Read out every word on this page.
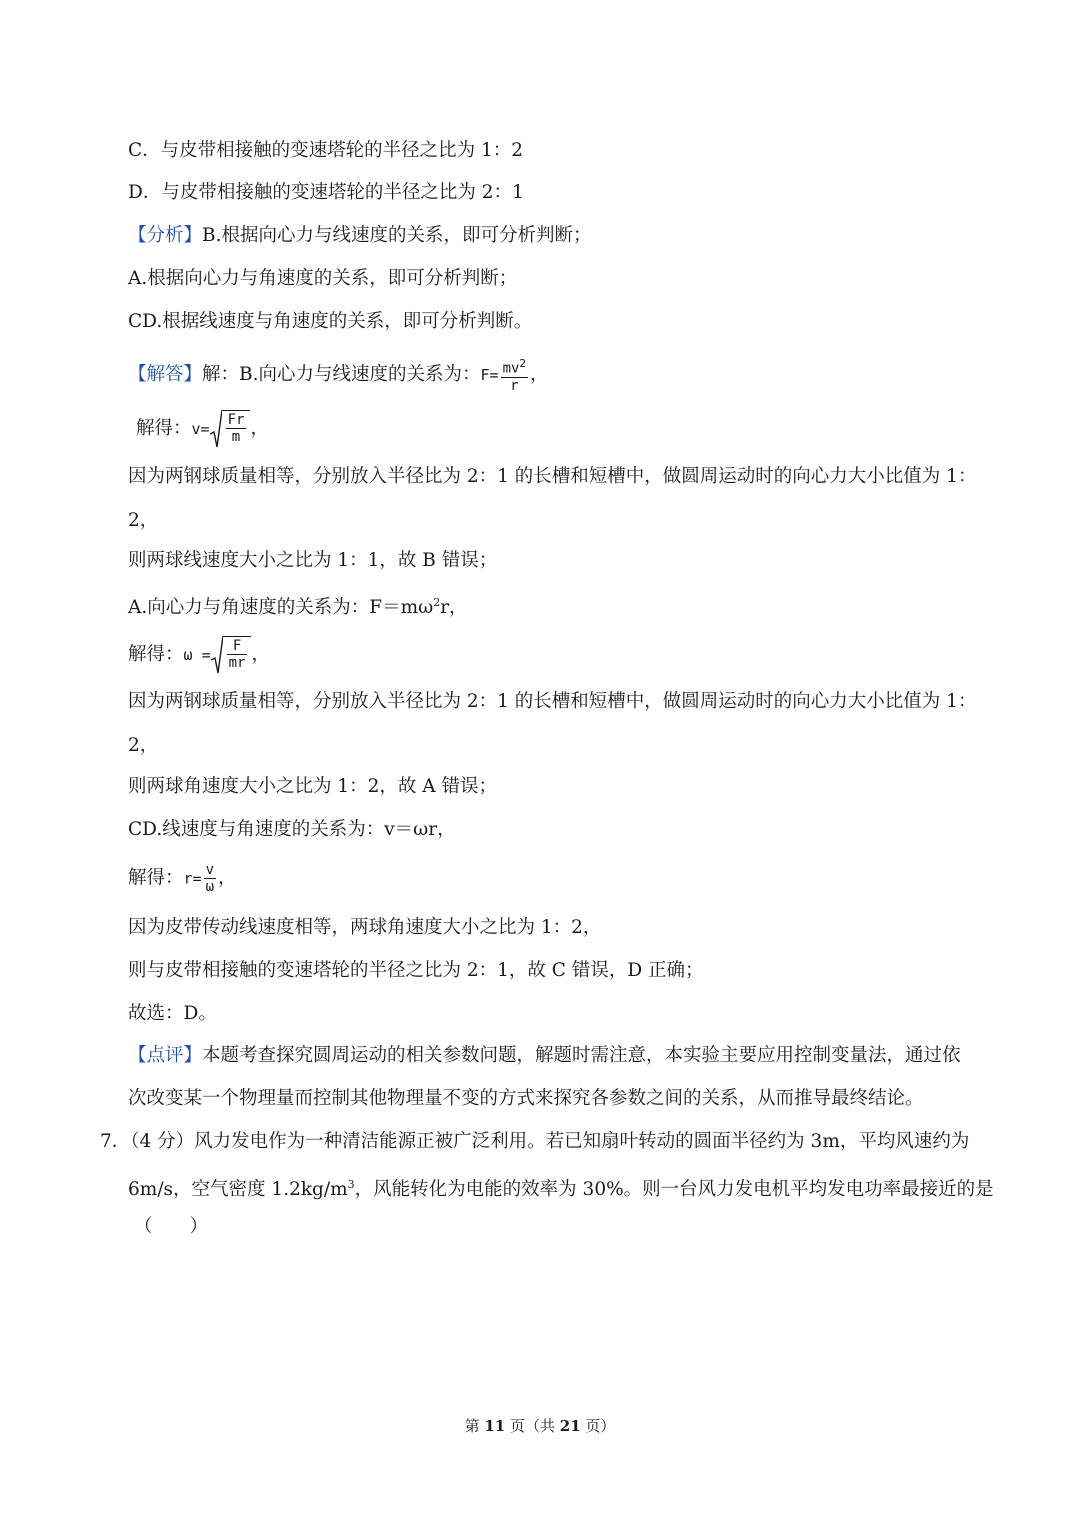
C．与皮带相接触的变速塔轮的半径之比为 1：2
D．与皮带相接触的变速塔轮的半径之比为 2：1
【分析】B.根据向心力与线速度的关系，即可分析判断；
A.根据向心力与角速度的关系，即可分析判断；
CD.根据线速度与角速度的关系，即可分析判断。
【解答】解：B.向心力与线速度的关系为：$F= \frac{mv^2}{r}$ ，
解得：$v= \frac{Fr}{m}$ ，
因为两钢球质量相等，分别放入半径比为 2：1 的长槽和短槽中，做圆周运动时的向心力大小比值为 1：
2，
则两球线速度大小之比为 1：1，故 B 错误；
A.向心力与角速度的关系为：$F=m\omega^2r$，
解得：$\omega = \frac{F}{mr}$ ，
因为两钢球质量相等，分别放入半径比为 2：1 的长槽和短槽中，做圆周运动时的向心力大小比值为 1：
2，
则两球角速度大小之比为 1：2，故 A 错误；
CD.线速度与角速度的关系为：v＝ωr，
解得：$r= \frac{v}{\omega}$ ，
因为皮带传动线速度相等，两球角速度大小之比为 1：2，
则与皮带相接触的变速塔轮的半径之比为 2：1，故 C 错误，D 正确；
故选：D。
【点评】本题考查探究圆周运动的相关参数问题，解题时需注意，本实验主要应用控制变量法，通过依
次改变某一个物理量而控制其他物理量不变的方式来探究各参数之间的关系，从而推导最终结论。
7．（4 分）风力发电作为一种清洁能源正被广泛利用。若已知扇叶转动的圆面半径约为 3m，平均风速约为
6m/s，空气密度 $1.2kg/m^3$，风能转化为电能的效率为 30%。则一台风力发电机平均发电功率最接近的是
（　　）
第 11 页（共 21 页）
